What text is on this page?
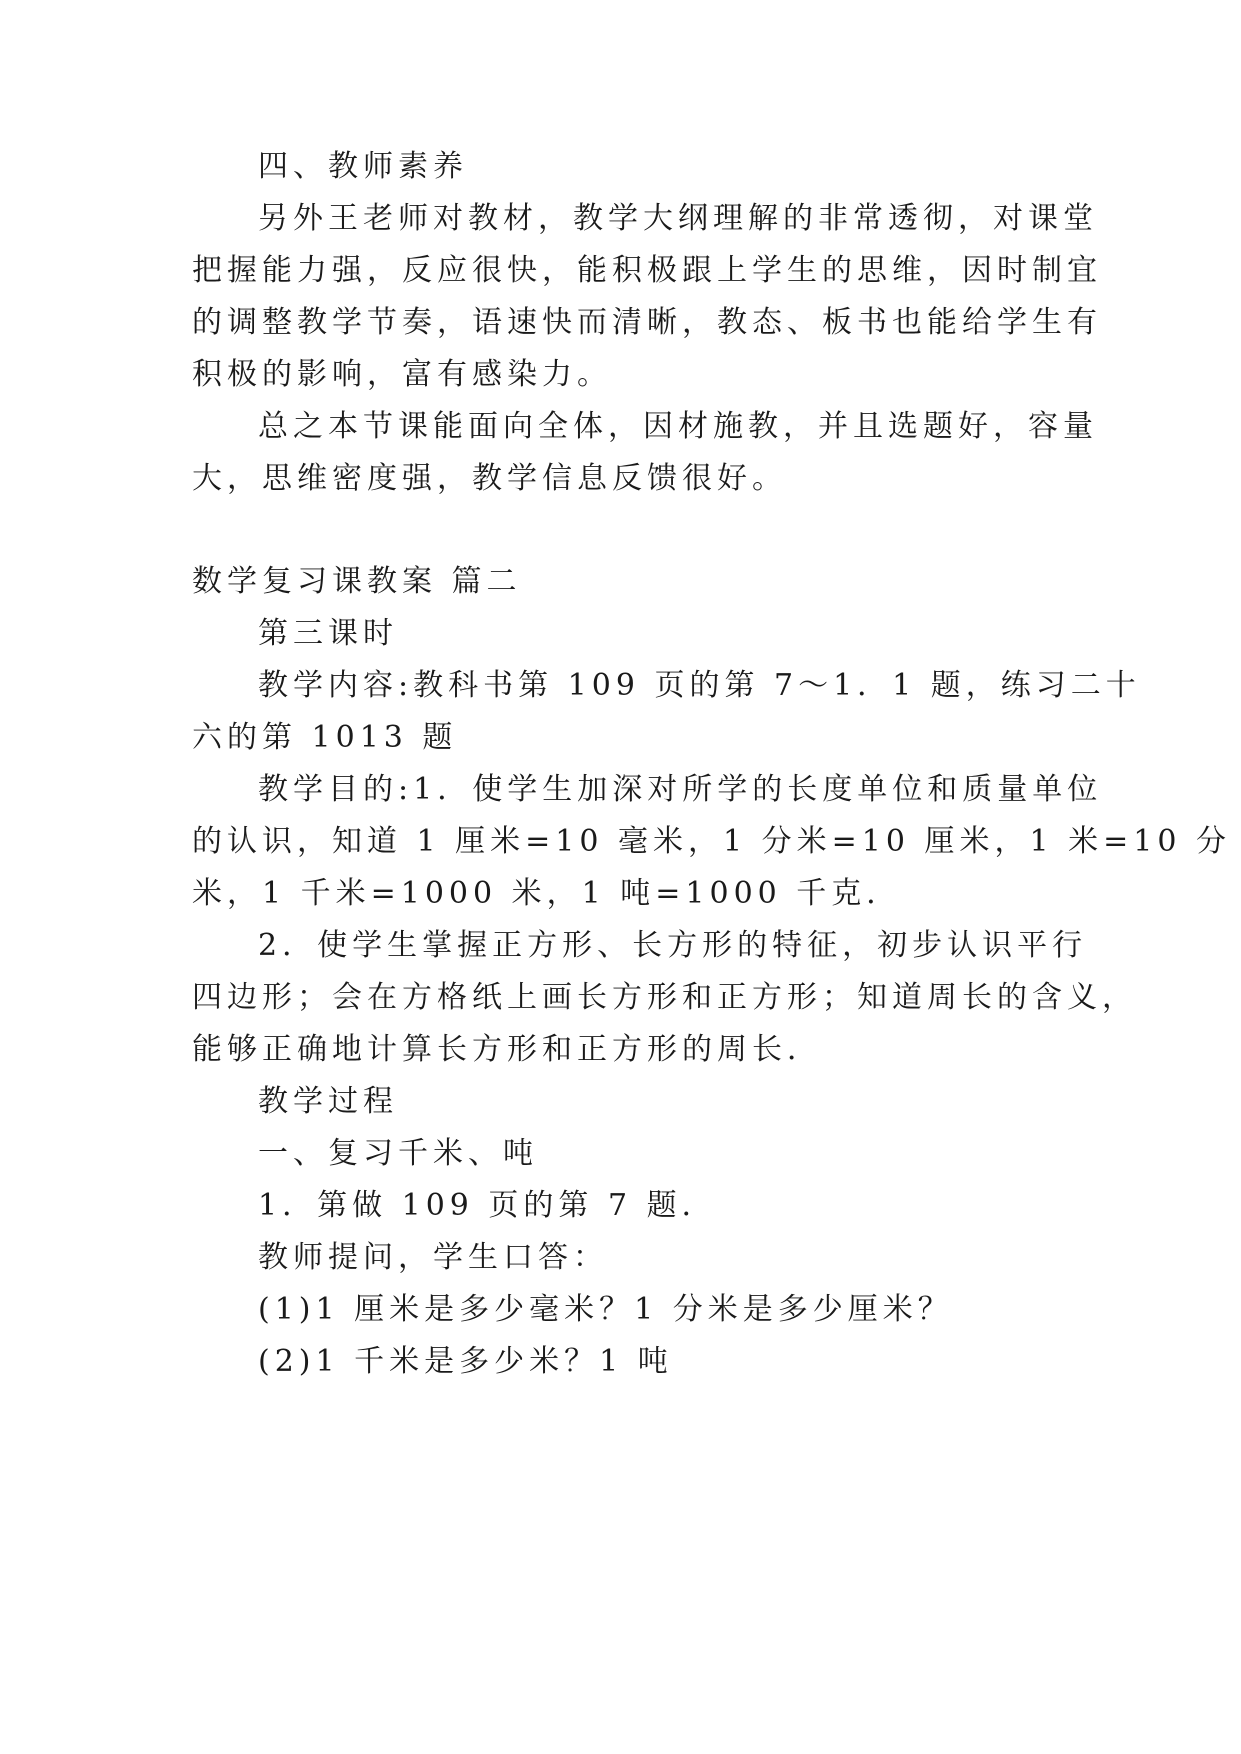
四、教师素养

另外王老师对教材，教学大纲理解的非常透彻，对课堂

把握能力强，反应很快，能积极跟上学生的思维，因时制宜

的调整教学节奏，语速快而清晰，教态、板书也能给学生有

积极的影响，富有感染力。

总之本节课能面向全体，因材施教，并且选题好，容量

大，思维密度强，教学信息反馈很好。

数学复习课教案 篇二

第三课时

教学内容:教科书第 109 页的第 7～1．1 题，练习二十

六的第 1013 题

教学目的:1．使学生加深对所学的长度单位和质量单位

的认识，知道 1 厘米=10 毫米，1 分米=10 厘米，1 米=10 分

米，1 千米=1000 米，1 吨=1000 千克．

2．使学生掌握正方形、长方形的特征，初步认识平行

四边形；会在方格纸上画长方形和正方形；知道周长的含义，

能够正确地计算长方形和正方形的周长．

教学过程

一、复习千米、吨

1．第做 109 页的第 7 题．

教师提问，学生口答：

(1)1 厘米是多少毫米？1 分米是多少厘米？

(2)1 千米是多少米？1 吨
